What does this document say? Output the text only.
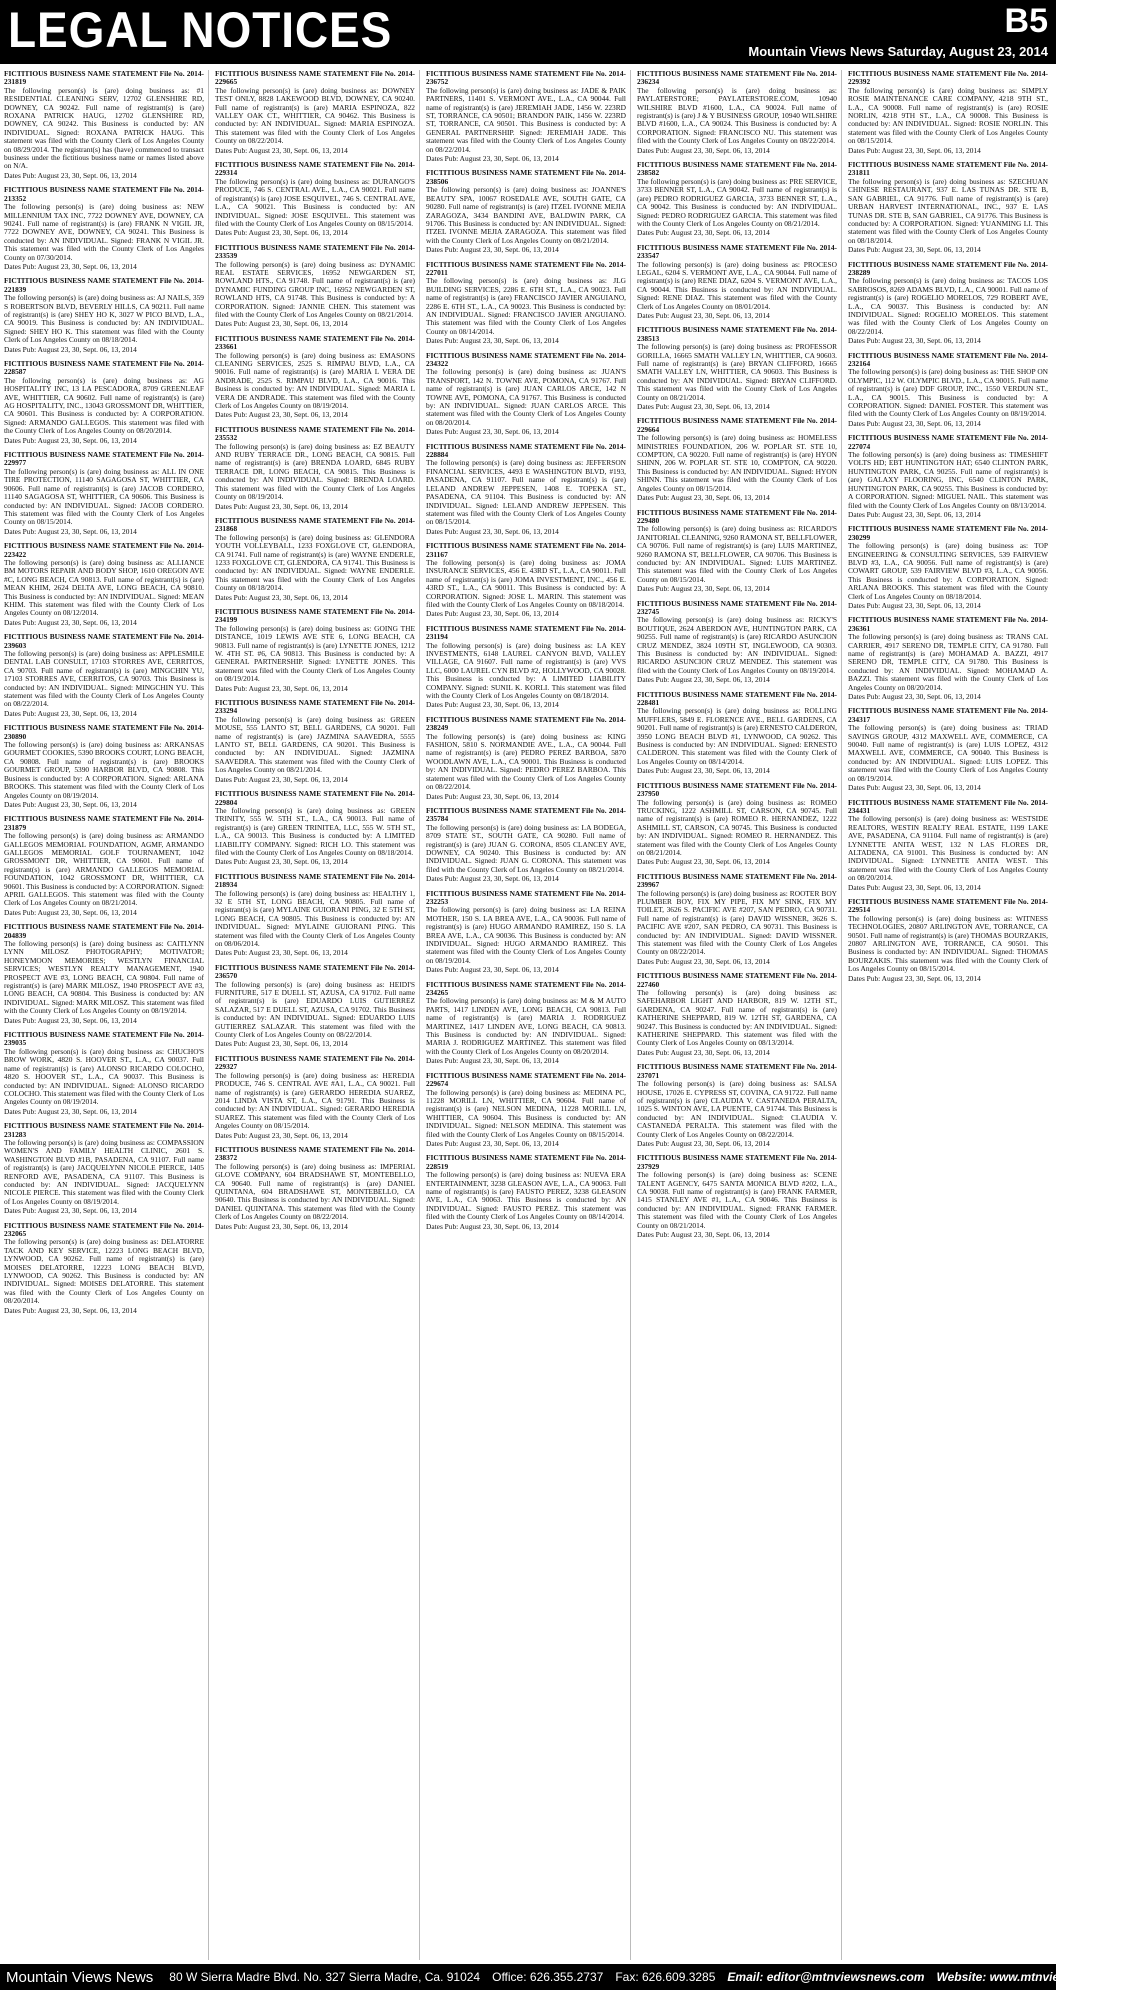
LEGAL NOTICES	B5
Mountain Views News Saturday, August 23, 2014
FICTITIOUS BUSINESS NAME STATEMENT File No. 2014-231819
The following person(s) is (are) doing business as: #1 RESIDENTIAL CLEANING SERV, 12702 GLENSHIRE RD, DOWNEY, CA 90242. Full name of registrant(s) is (are) ROXANA PATRICK HAUG, 12702 GLENSHIRE RD, DOWNEY, CA 90242. This Business is conducted by: AN INDIVIDUAL. Signed: ROXANA PATRICK HAUG. This statement was filed with the County Clerk of Los Angeles County on 08/29/2014. The registrant(s) has (have) commenced to transact business under the fictitious business name or names listed above on N/A.
Dates Pub: August 23, 30, Sept. 06, 13, 2014
FICTITIOUS BUSINESS NAME STATEMENT File No. 2014-213352
The following person(s) is (are) doing business as: NEW MILLENNIUM TAX INC, 7722 DOWNEY AVE, DOWNEY, CA 90241. Full name of registrant(s) is (are) FRANK N VIGIL JR, 7722 DOWNEY AVE, DOWNEY, CA 90241. This Business is conducted by: AN INDIVIDUAL. Signed: FRANK N VIGIL JR. This statement was filed with the County Clerk of Los Angeles County on 07/30/2014.
Dates Pub: August 23, 30, Sept. 06, 13, 2014
FICTITIOUS BUSINESS NAME STATEMENT File No. 2014-221839
The following person(s) is (are) doing business as: AJ NAILS, 359 S ROBERTSON BLVD, BEVERLY HILLS, CA 90211. Full name of registrant(s) is (are) SHEY HO K, 3027 W PICO BLVD, L.A., CA 90019. This Business is conducted by: AN INDIVIDUAL. Signed: SHEY HO K. This statement was filed with the County Clerk of Los Angeles County on 08/18/2014.
Dates Pub: August 23, 30, Sept. 06, 13, 2014
FICTITIOUS BUSINESS NAME STATEMENT File No. 2014-228587
The following person(s) is (are) doing business as: AG HOSPITALITY INC, 13 LA PESCADORA, 8709 GREENLEAF AVE, WHITTIER, CA 90602. Full name of registrant(s) is (are) AG HOSPITALITY, INC., 13043 GROSSMONT DR, WHITTIER, CA 90601. This Business is conducted by: A CORPORATION. Signed: ARMANDO GALLEGOS. This statement was filed with the County Clerk of Los Angeles County on 08/20/2014.
Dates Pub: August 23, 30, Sept. 06, 13, 2014
FICTITIOUS BUSINESS NAME STATEMENT File No. 2014-229977
The following person(s) is (are) doing business as: ALL IN ONE TIRE PROTECTION, 11140 SAGAGOSA ST, WHITTIER, CA 90606. Full name of registrant(s) is (are) JACOB CORDERO, 11140 SAGAGOSA ST, WHITTIER, CA 90606. This Business is conducted by: AN INDIVIDUAL. Signed: JACOB CORDERO. This statement was filed with the County Clerk of Los Angeles County on 08/15/2014.
Dates Pub: August 23, 30, Sept. 06, 13, 2014
FICTITIOUS BUSINESS NAME STATEMENT File No. 2014-223422
The following person(s) is (are) doing business as: ALLIANCE BM MOTORS REPAIR AND BODY SHOP, 1610 OREGON AVE #C, LONG BEACH, CA 90813. Full name of registrant(s) is (are) MEAN KHIM, 2624 DELTA AVE, LONG BEACH, CA 90810. This Business is conducted by: AN INDIVIDUAL. Signed: MEAN KHIM. This statement was filed with the County Clerk of Los Angeles County on 08/12/2014.
Dates Pub: August 23, 30, Sept. 06, 13, 2014
FICTITIOUS BUSINESS NAME STATEMENT File No. 2014-239603
The following person(s) is (are) doing business as: APPLESMILE DENTAL LAB CONSULT, 17103 STORRES AVE, CERRITOS, CA 90703. Full name of registrant(s) is (are) MINGCHIN YU, 17103 STORRES AVE, CERRITOS, CA 90703. This Business is conducted by: AN INDIVIDUAL. Signed: MINGCHIN YU. This statement was filed with the County Clerk of Los Angeles County on 08/22/2014.
Dates Pub: August 23, 30, Sept. 06, 13, 2014
FICTITIOUS BUSINESS NAME STATEMENT File No. 2014-230890
The following person(s) is (are) doing business as: ARKANSAS GOURMET COOKIES, 5390 BROOKS COURT, LONG BEACH, CA 90808. Full name of registrant(s) is (are) BROOKS GOURMET GROUP, 5390 HARBOR BLVD, CA 90808. This Business is conducted by: A CORPORATION. Signed: ARLANA BROOKS. This statement was filed with the County Clerk of Los Angeles County on 08/19/2014.
Dates Pub: August 23, 30, Sept. 06, 13, 2014
FICTITIOUS BUSINESS NAME STATEMENT File No. 2014-231879
The following person(s) is (are) doing business as: ARMANDO GALLEGOS MEMORIAL FOUNDATION, AGMF, ARMANDO GALLEGOS MEMORIAL GOLF TOURNAMENT, 1042 GROSSMONT DR, WHITTIER, CA 90601. Full name of registrant(s) is (are) ARMANDO GALLEGOS MEMORIAL FOUNDATION, 1042 GROSSMONT DR, WHITTIER, CA 90601. This Business is conducted by: A CORPORATION. Signed: APRIL GALLEGOS. This statement was filed with the County Clerk of Los Angeles County on 08/21/2014.
Dates Pub: August 23, 30, Sept. 06, 13, 2014
FICTITIOUS BUSINESS NAME STATEMENT File No. 2014-204839
The following person(s) is (are) doing business as: CAITLYNN LYNN MILOSZ PHOTOGRAPHY; MOTIVATOR; HONEYMOON MEMORIES; WESTLYN FINANCIAL SERVICES; WESTLYN REALTY MANAGEMENT, 1940 PROSPECT AVE #3, LONG BEACH, CA 90804. Full name of registrant(s) is (are) MARK MILOSZ, 1940 PROSPECT AVE #3, LONG BEACH, CA 90804. This Business is conducted by: AN INDIVIDUAL. Signed: MARK MILOSZ. This statement was filed with the County Clerk of Los Angeles County on 08/19/2014.
Dates Pub: August 23, 30, Sept. 06, 13, 2014
FICTITIOUS BUSINESS NAME STATEMENT File No. 2014-239035
The following person(s) is (are) doing business as: CHUCHO'S BROW WORK, 4820 S. HOOVER ST., L.A., CA 90037. Full name of registrant(s) is (are) ALONSO RICARDO COLOCHO, 4820 S. HOOVER ST., L.A., CA 90037. This Business is conducted by: AN INDIVIDUAL. Signed: ALONSO RICARDO COLOCHO. This statement was filed with the County Clerk of Los Angeles County on 08/19/2014.
Dates Pub: August 23, 30, Sept. 06, 13, 2014
FICTITIOUS BUSINESS NAME STATEMENT File No. 2014-231283
The following person(s) is (are) doing business as: COMPASSION WOMEN'S AND FAMILY HEALTH CLINIC, 2601 S. WASHINGTON BLVD #1B, PASADENA, CA 91107. Full name of registrant(s) is (are) JACQUELYNN NICOLE PIERCE, 1405 RENFORD AVE, PASADENA, CA 91107. This Business is conducted by: AN INDIVIDUAL. Signed: JACQUELYNN NICOLE PIERCE. This statement was filed with the County Clerk of Los Angeles County on 08/19/2014.
Dates Pub: August 23, 30, Sept. 06, 13, 2014
FICTITIOUS BUSINESS NAME STATEMENT File No. 2014-232065
The following person(s) is (are) doing business as: DELATORRE TACK AND KEY SERVICE, 12223 LONG BEACH BLVD, LYNWOOD, CA 90262. Full name of registrant(s) is (are) MOISES DELATORRE, 12223 LONG BEACH BLVD, LYNWOOD, CA 90262. This Business is conducted by: AN INDIVIDUAL. Signed: MOISES DELATORRE. This statement was filed with the County Clerk of Los Angeles County on 08/20/2014.
Dates Pub: August 23, 30, Sept. 06, 13, 2014
FICTITIOUS BUSINESS NAME STATEMENT File No. 2014-229665
The following person(s) is (are) doing business as: DOWNEY TEST ONLY, 8828 LAKEWOOD BLVD, DOWNEY, CA 90240. Full name of registrant(s) is (are) MARIA ESPINOZA, 822 VALLEY OAK CT., WHITTIER, CA 90462. This Business is conducted by: AN INDIVIDUAL. Signed: MARIA ESPINOZA. This statement was filed with the County Clerk of Los Angeles County on 08/22/2014.
Dates Pub: August 23, 30, Sept. 06, 13, 2014
FICTITIOUS BUSINESS NAME STATEMENT File No. 2014-229314
The following person(s) is (are) doing business as: DURANGO'S PRODUCE, 746 S. CENTRAL AVE., L.A., CA 90021. Full name of registrant(s) is (are) JOSE ESQUIVEL, 746 S. CENTRAL AVE, L.A., CA 90021. This Business is conducted by: AN INDIVIDUAL. Signed: JOSE ESQUIVEL. This statement was filed with the County Clerk of Los Angeles County on 08/15/2014.
Dates Pub: August 23, 30, Sept. 06, 13, 2014
FICTITIOUS BUSINESS NAME STATEMENT File No. 2014-233539
The following person(s) is (are) doing business as: DYNAMIC REAL ESTATE SERVICES, 16952 NEWGARDEN ST, ROWLAND HTS., CA 91748. Full name of registrant(s) is (are) DYNAMIC FUNDING GROUP INC, 16952 NEWGARDEN ST, ROWLAND HTS, CA 91748. This Business is conducted by: A CORPORATION. Signed: JANNIE CHEN. This statement was filed with the County Clerk of Los Angeles County on 08/21/2014.
Dates Pub: August 23, 30, Sept. 06, 13, 2014
FICTITIOUS BUSINESS NAME STATEMENT File No. 2014-233661
The following person(s) is (are) doing business as: EMASONS CLEANING SERVICES, 2525 S. RIMPAU BLVD, L.A., CA 90016. Full name of registrant(s) is (are) MARIA L VERA DE ANDRADE, 2525 S. RIMPAU BLVD, L.A., CA 90016. This Business is conducted by: AN INDIVIDUAL. Signed: MARIA L VERA DE ANDRADE. This statement was filed with the County Clerk of Los Angeles County on 08/19/2014.
Dates Pub: August 23, 30, Sept. 06, 13, 2014
FICTITIOUS BUSINESS NAME STATEMENT File No. 2014-235532
The following person(s) is (are) doing business as: EZ BEAUTY AND RUBY TERRACE DR., LONG BEACH, CA 90815. Full name of registrant(s) is (are) BRENDA LOARD, 6845 RUBY TERRACE DR, LONG BEACH, CA 90815. This Business is conducted by: AN INDIVIDUAL. Signed: BRENDA LOARD. This statement was filed with the County Clerk of Los Angeles County on 08/19/2014.
Dates Pub: August 23, 30, Sept. 06, 13, 2014
FICTITIOUS BUSINESS NAME STATEMENT File No. 2014-231868
The following person(s) is (are) doing business as: GLENDORA YOUTH VOLLEYBALL, 1233 FOXGLOVE CT, GLENDORA, CA 91741. Full name of registrant(s) is (are) WAYNE ENDERLE, 1233 FOXGLOVE CT, GLENDORA, CA 91741. This Business is conducted by: AN INDIVIDUAL. Signed: WAYNE ENDERLE. This statement was filed with the County Clerk of Los Angeles County on 08/18/2014.
Dates Pub: August 23, 30, Sept. 06, 13, 2014
FICTITIOUS BUSINESS NAME STATEMENT File No. 2014-234199
The following person(s) is (are) doing business as: GOING THE DISTANCE, 1019 LEWIS AVE STE 6, LONG BEACH, CA 90813. Full name of registrant(s) is (are) LYNETTE JONES, 1212 W. 4TH ST. #6, CA 90813. This Business is conducted by: A GENERAL PARTNERSHIP. Signed: LYNETTE JONES. This statement was filed with the County Clerk of Los Angeles County on 08/19/2014.
Dates Pub: August 23, 30, Sept. 06, 13, 2014
FICTITIOUS BUSINESS NAME STATEMENT File No. 2014-233294
The following person(s) is (are) doing business as: GREEN MOUSE, 555 LANTO ST, BELL GARDENS, CA 90201. Full name of registrant(s) is (are) JAZMINA SAAVEDRA, 5555 LANTO ST, BELL GARDENS, CA 90201. This Business is conducted by: AN INDIVIDUAL. Signed: JAZMINA SAAVEDRA. This statement was filed with the County Clerk of Los Angeles County on 08/21/2014.
Dates Pub: August 23, 30, Sept. 06, 13, 2014
FICTITIOUS BUSINESS NAME STATEMENT File No. 2014-229804
The following person(s) is (are) doing business as: GREEN TRINITY, 555 W. 5TH ST., L.A., CA 90013. Full name of registrant(s) is (are) GREEN TRINITEA, LLC, 555 W. 5TH ST., L.A., CA 90013. This Business is conducted by: A LIMITED LIABILITY COMPANY. Signed: RICH LO. This statement was filed with the County Clerk of Los Angeles County on 08/18/2014.
Dates Pub: August 23, 30, Sept. 06, 13, 2014
FICTITIOUS BUSINESS NAME STATEMENT File No. 2014-218934
The following person(s) is (are) doing business as: HEALTHY 1, 32 E 5TH ST, LONG BEACH, CA 90805. Full name of registrant(s) is (are) MYLAINE GUIORANI PING, 32 E 5TH ST, LONG BEACH, CA 90805. This Business is conducted by: AN INDIVIDUAL. Signed: MYLAINE GUIORANI PING. This statement was filed with the County Clerk of Los Angeles County on 08/06/2014.
Dates Pub: August 23, 30, Sept. 06, 13, 2014
FICTITIOUS BUSINESS NAME STATEMENT File No. 2014-236570
The following person(s) is (are) doing business as: HEIDI'S FURNITURE, 517 E DUELL ST, AZUSA, CA 91702. Full name of registrant(s) is (are) EDUARDO LUIS GUTIERREZ SALAZAR, 517 E DUELL ST, AZUSA, CA 91702. This Business is conducted by: AN INDIVIDUAL. Signed: EDUARDO LUIS GUTIERREZ SALAZAR. This statement was filed with the County Clerk of Los Angeles County on 08/22/2014.
Dates Pub: August 23, 30, Sept. 06, 13, 2014
FICTITIOUS BUSINESS NAME STATEMENT File No. 2014-229327
The following person(s) is (are) doing business as: HEREDIA PRODUCE, 746 S. CENTRAL AVE #A1, L.A., CA 90021. Full name of registrant(s) is (are) GERARDO HEREDIA SUAREZ, 2014 LINDA VISTA ST, L.A., CA 91791. This Business is conducted by: AN INDIVIDUAL. Signed: GERARDO HEREDIA SUAREZ. This statement was filed with the County Clerk of Los Angeles County on 08/15/2014.
Dates Pub: August 23, 30, Sept. 06, 13, 2014
FICTITIOUS BUSINESS NAME STATEMENT File No. 2014-238372
The following person(s) is (are) doing business as: IMPERIAL GLOVE COMPANY, 604 BRADSHAWE ST, MONTEBELLO, CA 90640. Full name of registrant(s) is (are) DANIEL QUINTANA, 604 BRADSHAWE ST, MONTEBELLO, CA 90640. This Business is conducted by: AN INDIVIDUAL. Signed: DANIEL QUINTANA. This statement was filed with the County Clerk of Los Angeles County on 08/22/2014.
Dates Pub: August 23, 30, Sept. 06, 13, 2014
FICTITIOUS BUSINESS NAME STATEMENT File No. 2014-236752
The following person(s) is (are) doing business as: JADE & PAIK PARTNERS, 11401 S. VERMONT AVE., L.A., CA 90044. Full name of registrant(s) is (are) JEREMIAH JADE, 1456 W. 223RD ST, TORRANCE, CA 90501; BRANDON PAIK, 1456 W. 223RD ST, TORRANCE, CA 90501. This Business is conducted by: A GENERAL PARTNERSHIP. Signed: JEREMIAH JADE. This statement was filed with the County Clerk of Los Angeles County on 08/22/2014.
Dates Pub: August 23, 30, Sept. 06, 13, 2014
FICTITIOUS BUSINESS NAME STATEMENT File No. 2014-238506
The following person(s) is (are) doing business as: JOANNE'S BEAUTY SPA, 10067 ROSEDALE AVE, SOUTH GATE, CA 90280. Full name of registrant(s) is (are) ITZEL IVONNE MEJIA ZARAGOZA, 3434 BANDINI AVE, BALDWIN PARK, CA 91706. This Business is conducted by: AN INDIVIDUAL. Signed: ITZEL IVONNE MEJIA ZARAGOZA. This statement was filed with the County Clerk of Los Angeles County on 08/21/2014.
Dates Pub: August 23, 30, Sept. 06, 13, 2014
FICTITIOUS BUSINESS NAME STATEMENT File No. 2014-227011
The following person(s) is (are) doing business as: JLG BUILDING SERVICES, 2286 E. 6TH ST., L.A., CA 90023. Full name of registrant(s) is (are) FRANCISCO JAVIER ANGUIANO, 2286 E. 6TH ST., L.A., CA 90023. This Business is conducted by: AN INDIVIDUAL. Signed: FRANCISCO JAVIER ANGUIANO. This statement was filed with the County Clerk of Los Angeles County on 08/14/2014.
Dates Pub: August 23, 30, Sept. 06, 13, 2014
FICTITIOUS BUSINESS NAME STATEMENT File No. 2014-234322
The following person(s) is (are) doing business as: JUAN'S TRANSPORT, 142 N. TOWNE AVE, POMONA, CA 91767. Full name of registrant(s) is (are) JUAN CARLOS ARCE, 142 N TOWNE AVE, POMONA, CA 91767. This Business is conducted by: AN INDIVIDUAL. Signed: JUAN CARLOS ARCE. This statement was filed with the County Clerk of Los Angeles County on 08/20/2014.
Dates Pub: August 23, 30, Sept. 06, 13, 2014
FICTITIOUS BUSINESS NAME STATEMENT File No. 2014-228884
The following person(s) is (are) doing business as: JEFFERSON FINANCIAL SERVICES, 4493 E WASHINGTON BLVD, #193, PASADENA, CA 91107. Full name of registrant(s) is (are) LELAND ANDREW JEPPESEN, 1408 E. TOPEKA ST., PASADENA, CA 91104. This Business is conducted by: AN INDIVIDUAL. Signed: LELAND ANDREW JEPPESEN. This statement was filed with the County Clerk of Los Angeles County on 08/15/2014.
Dates Pub: August 23, 30, Sept. 06, 13, 2014
FICTITIOUS BUSINESS NAME STATEMENT File No. 2014-231167
The following person(s) is (are) doing business as: JOMA INSURANCE SERVICES, 456 E. 43RD ST., L.A., CA 90011. Full name of registrant(s) is (are) JOMA INVESTMENT, INC., 456 E. 43RD ST., L.A., CA 90011. This Business is conducted by: A CORPORATION. Signed: JOSE L. MARIN. This statement was filed with the County Clerk of Los Angeles County on 08/18/2014.
Dates Pub: August 23, 30, Sept. 06, 13, 2014
FICTITIOUS BUSINESS NAME STATEMENT File No. 2014-231194
The following person(s) is (are) doing business as: LA KEY INVESTMENTS, 6148 LAUREL CANYON BLVD, VALLEY VILLAGE, CA 91607. Full name of registrant(s) is (are) VVS LLC, 6000 LAUREL CYN BLVD #2, HOLLYWOOD, CA 90028. This Business is conducted by: A LIMITED LIABILITY COMPANY. Signed: SUNIL K. KORLI. This statement was filed with the County Clerk of Los Angeles County on 08/18/2014.
Dates Pub: August 23, 30, Sept. 06, 13, 2014
FICTITIOUS BUSINESS NAME STATEMENT File No. 2014-238249
The following person(s) is (are) doing business as: KING FASHION, 5810 S. NORMANDIE AVE., L.A., CA 90044. Full name of registrant(s) is (are) PEDRO PEREZ BARBOA, 5870 WOODLAWN AVE, L.A., CA 90001. This Business is conducted by: AN INDIVIDUAL. Signed: PEDRO PEREZ BARBOA. This statement was filed with the County Clerk of Los Angeles County on 08/22/2014.
Dates Pub: August 23, 30, Sept. 06, 13, 2014
FICTITIOUS BUSINESS NAME STATEMENT File No. 2014-235784
The following person(s) is (are) doing business as: LA BODEGA, 8709 STATE ST., SOUTH GATE, CA 90280. Full name of registrant(s) is (are) JUAN G. CORONA, 8505 CLANCEY AVE, DOWNEY, CA 90240. This Business is conducted by: AN INDIVIDUAL. Signed: JUAN G. CORONA. This statement was filed with the County Clerk of Los Angeles County on 08/21/2014.
Dates Pub: August 23, 30, Sept. 06, 13, 2014
FICTITIOUS BUSINESS NAME STATEMENT File No. 2014-232253
The following person(s) is (are) doing business as: LA REINA MOTHER, 150 S. LA BREA AVE, L.A., CA 90036. Full name of registrant(s) is (are) HUGO ARMANDO RAMIREZ, 150 S. LA BREA AVE, L.A., CA 90036. This Business is conducted by: AN INDIVIDUAL. Signed: HUGO ARMANDO RAMIREZ. This statement was filed with the County Clerk of Los Angeles County on 08/19/2014.
Dates Pub: August 23, 30, Sept. 06, 13, 2014
FICTITIOUS BUSINESS NAME STATEMENT File No. 2014-234265
The following person(s) is (are) doing business as: M & M AUTO PARTS, 1417 LINDEN AVE, LONG BEACH, CA 90813. Full name of registrant(s) is (are) MARIA J. RODRIGUEZ MARTINEZ, 1417 LINDEN AVE, LONG BEACH, CA 90813. This Business is conducted by: AN INDIVIDUAL. Signed: MARIA J. RODRIGUEZ MARTINEZ. This statement was filed with the County Clerk of Los Angeles County on 08/20/2014.
Dates Pub: August 23, 30, Sept. 06, 13, 2014
FICTITIOUS BUSINESS NAME STATEMENT File No. 2014-229674
The following person(s) is (are) doing business as: MEDINA PC, 11228 MORILL LN, WHITTIER, CA 90604. Full name of registrant(s) is (are) NELSON MEDINA, 11228 MORILL LN, WHITTIER, CA 90604. This Business is conducted by: AN INDIVIDUAL. Signed: NELSON MEDINA. This statement was filed with the County Clerk of Los Angeles County on 08/15/2014.
Dates Pub: August 23, 30, Sept. 06, 13, 2014
FICTITIOUS BUSINESS NAME STATEMENT File No. 2014-228519
The following person(s) is (are) doing business as: NUEVA ERA ENTERTAINMENT, 3238 GLEASON AVE, L.A., CA 90063. Full name of registrant(s) is (are) FAUSTO PEREZ, 3238 GLEASON AVE, L.A., CA 90063. This Business is conducted by: AN INDIVIDUAL. Signed: FAUSTO PEREZ. This statement was filed with the County Clerk of Los Angeles County on 08/14/2014.
Dates Pub: August 23, 30, Sept. 06, 13, 2014
FICTITIOUS BUSINESS NAME STATEMENT File No. 2014-236234
The following person(s) is (are) doing business as: PAYLATERSTORE; PAYLATERSTORE.COM, 10940 WILSHIRE BLVD #1600, L.A., CA 90024. Full name of registrant(s) is (are) J & Y BUSINESS GROUP, 10940 WILSHIRE BLVD #1600, L.A., CA 90024. This Business is conducted by: A CORPORATION. Signed: FRANCISCO NU. This statement was filed with the County Clerk of Los Angeles County on 08/22/2014.
Dates Pub: August 23, 30, Sept. 06, 13, 2014
FICTITIOUS BUSINESS NAME STATEMENT File No. 2014-238582
The following person(s) is (are) doing business as: PRE SERVICE, 3733 BENNER ST, L.A., CA 90042. Full name of registrant(s) is (are) PEDRO RODRIGUEZ GARCIA, 3733 BENNER ST, L.A., CA 90042. This Business is conducted by: AN INDIVIDUAL. Signed: PEDRO RODRIGUEZ GARCIA. This statement was filed with the County Clerk of Los Angeles County on 08/21/2014.
Dates Pub: August 23, 30, Sept. 06, 13, 2014
FICTITIOUS BUSINESS NAME STATEMENT File No. 2014-233547
The following person(s) is (are) doing business as: PROCESO LEGAL, 6204 S. VERMONT AVE, L.A., CA 90044. Full name of registrant(s) is (are) RENE DIAZ, 6204 S. VERMONT AVE, L.A., CA 90044. This Business is conducted by: AN INDIVIDUAL. Signed: RENE DIAZ. This statement was filed with the County Clerk of Los Angeles County on 08/01/2014.
Dates Pub: August 23, 30, Sept. 06, 13, 2014
FICTITIOUS BUSINESS NAME STATEMENT File No. 2014-238513
The following person(s) is (are) doing business as: PROFESSOR GORILLA, 16665 SMATH VALLEY LN, WHITTIER, CA 90603. Full name of registrant(s) is (are) BRYAN CLIFFORD, 16665 SMATH VALLEY LN, WHITTIER, CA 90603. This Business is conducted by: AN INDIVIDUAL. Signed: BRYAN CLIFFORD. This statement was filed with the County Clerk of Los Angeles County on 08/21/2014.
Dates Pub: August 23, 30, Sept. 06, 13, 2014
FICTITIOUS BUSINESS NAME STATEMENT File No. 2014-229664
The following person(s) is (are) doing business as: HOMELESS MINISTRIES FOUNDATION, 206 W. POPLAR ST. STE 10, COMPTON, CA 90220. Full name of registrant(s) is (are) HYON SHINN, 206 W. POPLAR ST. STE 10, COMPTON, CA 90220. This Business is conducted by: AN INDIVIDUAL. Signed: HYON SHINN. This statement was filed with the County Clerk of Los Angeles County on 08/15/2014.
Dates Pub: August 23, 30, Sept. 06, 13, 2014
FICTITIOUS BUSINESS NAME STATEMENT File No. 2014-229480
The following person(s) is (are) doing business as: RICARDO'S JANITORIAL CLEANING, 9260 RAMONA ST, BELLFLOWER, CA 90706. Full name of registrant(s) is (are) LUIS MARTINEZ, 9260 RAMONA ST, BELLFLOWER, CA 90706. This Business is conducted by: AN INDIVIDUAL. Signed: LUIS MARTINEZ. This statement was filed with the County Clerk of Los Angeles County on 08/15/2014.
Dates Pub: August 23, 30, Sept. 06, 13, 2014
FICTITIOUS BUSINESS NAME STATEMENT File No. 2014-232745
The following person(s) is (are) doing business as: RICKY'S BOUTIQUE, 2624 ABERDON AVE, HUNTINGTON PARK, CA 90255. Full name of registrant(s) is (are) RICARDO ASUNCION CRUZ MENDEZ, 3824 109TH ST, INGLEWOOD, CA 90303. This Business is conducted by: AN INDIVIDUAL. Signed: RICARDO ASUNCION CRUZ MENDEZ. This statement was filed with the County Clerk of Los Angeles County on 08/19/2014.
Dates Pub: August 23, 30, Sept. 06, 13, 2014
FICTITIOUS BUSINESS NAME STATEMENT File No. 2014-228481
The following person(s) is (are) doing business as: ROLLING MUFFLERS, 5849 E. FLORENCE AVE., BELL GARDENS, CA 90201. Full name of registrant(s) is (are) ERNESTO CALDERON, 3950 LONG BEACH BLVD #1, LYNWOOD, CA 90262. This Business is conducted by: AN INDIVIDUAL. Signed: ERNESTO CALDERON. This statement was filed with the County Clerk of Los Angeles County on 08/14/2014.
Dates Pub: August 23, 30, Sept. 06, 13, 2014
FICTITIOUS BUSINESS NAME STATEMENT File No. 2014-237950
The following person(s) is (are) doing business as: ROMEO TRUCKING, 1222 ASHMILL ST, CARSON, CA 90745. Full name of registrant(s) is (are) ROMEO R. HERNANDEZ, 1222 ASHMILL ST, CARSON, CA 90745. This Business is conducted by: AN INDIVIDUAL. Signed: ROMEO R. HERNANDEZ. This statement was filed with the County Clerk of Los Angeles County on 08/21/2014.
Dates Pub: August 23, 30, Sept. 06, 13, 2014
FICTITIOUS BUSINESS NAME STATEMENT File No. 2014-239967
The following person(s) is (are) doing business as: ROOTER BOY PLUMBER BOY, FIX MY PIPE, FIX MY SINK, FIX MY TOILET, 3626 S. PACIFIC AVE #207, SAN PEDRO, CA 90731. Full name of registrant(s) is (are) DAVID WISSNER, 3626 S. PACIFIC AVE #207, SAN PEDRO, CA 90731. This Business is conducted by: AN INDIVIDUAL. Signed: DAVID WISSNER. This statement was filed with the County Clerk of Los Angeles County on 08/22/2014.
Dates Pub: August 23, 30, Sept. 06, 13, 2014
FICTITIOUS BUSINESS NAME STATEMENT File No. 2014-227460
The following person(s) is (are) doing business as: SAFEHARBOR LIGHT AND HARBOR, 819 W. 12TH ST., GARDENA, CA 90247. Full name of registrant(s) is (are) KATHERINE SHEPPARD, 819 W. 12TH ST, GARDENA, CA 90247. This Business is conducted by: AN INDIVIDUAL. Signed: KATHERINE SHEPPARD. This statement was filed with the County Clerk of Los Angeles County on 08/13/2014.
Dates Pub: August 23, 30, Sept. 06, 13, 2014
FICTITIOUS BUSINESS NAME STATEMENT File No. 2014-237071
The following person(s) is (are) doing business as: SALSA HOUSE, 17026 E. CYPRESS ST, COVINA, CA 91722. Full name of registrant(s) is (are) CLAUDIA V. CASTANEDA PERALTA, 1025 S. WINTON AVE, LA PUENTE, CA 91744. This Business is conducted by: AN INDIVIDUAL. Signed: CLAUDIA V. CASTANEDA PERALTA. This statement was filed with the County Clerk of Los Angeles County on 08/22/2014.
Dates Pub: August 23, 30, Sept. 06, 13, 2014
FICTITIOUS BUSINESS NAME STATEMENT File No. 2014-237929
The following person(s) is (are) doing business as: SCENE TALENT AGENCY, 6475 SANTA MONICA BLVD #202, L.A., CA 90038. Full name of registrant(s) is (are) FRANK FARMER, 1415 STANLEY AVE #1, L.A., CA 90046. This Business is conducted by: AN INDIVIDUAL. Signed: FRANK FARMER. This statement was filed with the County Clerk of Los Angeles County on 08/21/2014.
Dates Pub: August 23, 30, Sept. 06, 13, 2014
FICTITIOUS BUSINESS NAME STATEMENT File No. 2014-229392
The following person(s) is (are) doing business as: SIMPLY ROSIE MAINTENANCE CARE COMPANY, 4218 9TH ST., L.A., CA 90008. Full name of registrant(s) is (are) ROSIE NORLIN, 4218 9TH ST., L.A., CA 90008. This Business is conducted by: AN INDIVIDUAL. Signed: ROSIE NORLIN. This statement was filed with the County Clerk of Los Angeles County on 08/15/2014.
Dates Pub: August 23, 30, Sept. 06, 13, 2014
FICTITIOUS BUSINESS NAME STATEMENT File No. 2014-231811
The following person(s) is (are) doing business as: SZECHUAN CHINESE RESTAURANT, 937 E. LAS TUNAS DR. STE B, SAN GABRIEL, CA 91776. Full name of registrant(s) is (are) URBAN HARVEST INTERNATIONAL, INC., 937 E. LAS TUNAS DR. STE B, SAN GABRIEL, CA 91776. This Business is conducted by: A CORPORATION. Signed: YUANMING LI. This statement was filed with the County Clerk of Los Angeles County on 08/18/2014.
Dates Pub: August 23, 30, Sept. 06, 13, 2014
FICTITIOUS BUSINESS NAME STATEMENT File No. 2014-238289
The following person(s) is (are) doing business as: TACOS LOS SABROSOS, 8269 ADAMS BLVD, L.A., CA 90001. Full name of registrant(s) is (are) ROGELIO MORELOS, 729 ROBERT AVE, L.A., CA 90037. This Business is conducted by: AN INDIVIDUAL. Signed: ROGELIO MORELOS. This statement was filed with the County Clerk of Los Angeles County on 08/22/2014.
Dates Pub: August 23, 30, Sept. 06, 13, 2014
FICTITIOUS BUSINESS NAME STATEMENT File No. 2014-232164
The following person(s) is (are) doing business as: THE SHOP ON OLYMPIC, 112 W. OLYMPIC BLVD., L.A., CA 90015. Full name of registrant(s) is (are) DDF GROUP, INC., 1550 VERDUN ST., L.A., CA 90015. This Business is conducted by: A CORPORATION. Signed: DANIEL FOSTER. This statement was filed with the County Clerk of Los Angeles County on 08/19/2014.
Dates Pub: August 23, 30, Sept. 06, 13, 2014
FICTITIOUS BUSINESS NAME STATEMENT File No. 2014-227074
The following person(s) is (are) doing business as: TIMESHIFT VOLTS HD; EBT HUNTINGTON HAT; 6540 CLINTON PARK, HUNTINGTON PARK, CA 90255. Full name of registrant(s) is (are) GALAXY FLOORING, INC, 6540 CLINTON PARK, HUNTINGTON PARK, CA 90255. This Business is conducted by: A CORPORATION. Signed: MIGUEL NAIL. This statement was filed with the County Clerk of Los Angeles County on 08/13/2014.
Dates Pub: August 23, 30, Sept. 06, 13, 2014
FICTITIOUS BUSINESS NAME STATEMENT File No. 2014-230299
The following person(s) is (are) doing business as: TOP ENGINEERING & CONSULTING SERVICES, 539 FAIRVIEW BLVD #3, L.A., CA 90056. Full name of registrant(s) is (are) COWART GROUP, 539 FAIRVIEW BLVD #3, L.A., CA 90056. This Business is conducted by: A CORPORATION. Signed: ARLANA BROOKS. This statement was filed with the County Clerk of Los Angeles County on 08/18/2014.
Dates Pub: August 23, 30, Sept. 06, 13, 2014
FICTITIOUS BUSINESS NAME STATEMENT File No. 2014-236361
The following person(s) is (are) doing business as: TRANS CAL CARRIER, 4917 SERENO DR, TEMPLE CITY, CA 91780. Full name of registrant(s) is (are) MOHAMAD A. BAZZI, 4917 SERENO DR, TEMPLE CITY, CA 91780. This Business is conducted by: AN INDIVIDUAL. Signed: MOHAMAD A. BAZZI. This statement was filed with the County Clerk of Los Angeles County on 08/20/2014.
Dates Pub: August 23, 30, Sept. 06, 13, 2014
FICTITIOUS BUSINESS NAME STATEMENT File No. 2014-234317
The following person(s) is (are) doing business as: TRIAD SAVINGS GROUP, 4312 MAXWELL AVE, COMMERCE, CA 90040. Full name of registrant(s) is (are) LUIS LOPEZ, 4312 MAXWELL AVE, COMMERCE, CA 90040. This Business is conducted by: AN INDIVIDUAL. Signed: LUIS LOPEZ. This statement was filed with the County Clerk of Los Angeles County on 08/19/2014.
Dates Pub: August 23, 30, Sept. 06, 13, 2014
FICTITIOUS BUSINESS NAME STATEMENT File No. 2014-234431
The following person(s) is (are) doing business as: WESTSIDE REALTORS, WESTIN REALTY REAL ESTATE, 1199 LAKE AVE, PASADENA, CA 91104. Full name of registrant(s) is (are) LYNNETTE ANITA WEST, 132 N LAS FLORES DR, ALTADENA, CA 91001. This Business is conducted by: AN INDIVIDUAL. Signed: LYNNETTE ANITA WEST. This statement was filed with the County Clerk of Los Angeles County on 08/20/2014.
Dates Pub: August 23, 30, Sept. 06, 13, 2014
FICTITIOUS BUSINESS NAME STATEMENT File No. 2014-229514
The following person(s) is (are) doing business as: WITNESS TECHNOLOGIES, 20807 ARLINGTON AVE, TORRANCE, CA 90501. Full name of registrant(s) is (are) THOMAS BOURZAKIS, 20807 ARLINGTON AVE, TORRANCE, CA 90501. This Business is conducted by: AN INDIVIDUAL. Signed: THOMAS BOURZAKIS. This statement was filed with the County Clerk of Los Angeles County on 08/15/2014.
Dates Pub: August 23, 30, Sept. 06, 13, 2014
Mountain Views News 80 W Sierra Madre Blvd. No. 327 Sierra Madre, Ca. 91024 Office: 626.355.2737 Fax: 626.609.3285 Email: editor@mtnviewsnews.com Website: www.mtnviewsnews.com
